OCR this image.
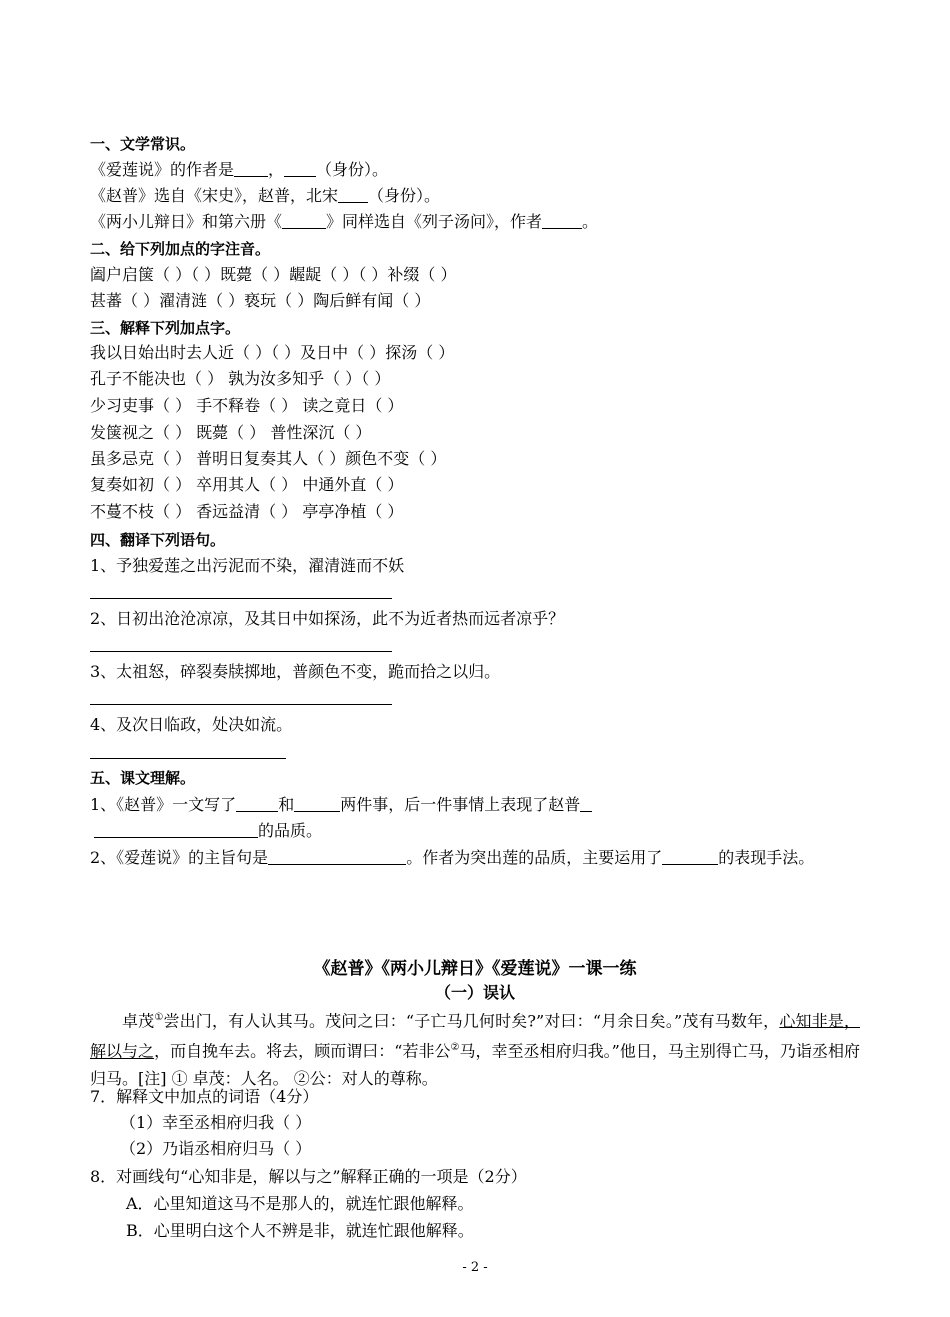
一、文学常识。
《爱莲说》的作者是 ， （身份）。
《赵普》选自《宋史》，赵普，北宋 （身份）。
《两小儿辩日》和第六册《	》同样选自《列子汤问》，作者	。
二、给下列加点的字注音。
阖户启箧（ ）（ ）既薨（ ）龌龊（ ）（ ）补缀（ ）
甚蕃（ ）濯清涟（ ）亵玩（ ）陶后鲜有闻（ ）
三、解释下列加点字。
我以日始出时去人近（ ）（ ）及日中（ ）探汤（ ）
孔子不能决也（ ） 孰为汝多知乎（ ）（ ）
少习吏事（ ） 手不释卷（ ） 读之竟日（ ）
发箧视之（ ） 既薨（ ） 普性深沉（ ）
虽多忌克（ ） 普明日复奏其人（ ）颜色不变（ ）
复奏如初（ ） 卒用其人（ ） 中通外直（ ）
不蔓不枝（ ） 香远益清（ ） 亭亭净植（ ）
四、翻译下列语句。
1、予独爱莲之出污泥而不染，濯清涟而不妖
2、日初出沧沧凉凉，及其日中如探汤，此不为近者热而远者凉乎？
3、太祖怒，碎裂奏牍掷地，普颜色不变，跪而拾之以归。
4、及次日临政，处决如流。
五、课文理解。
1、《赵普》一文写了	和	两件事，后一件事情上表现了赵普
的品质。
2、《爱莲说》的主旨句是	。作者为突出莲的品质，主要运用了	的表现手法。
《赵普》《两小儿辩日》《爱莲说》一课一练
（一）误认
卓茂①尝出门，有人认其马。茂问之曰：“子亡马几何时矣?”对曰：“月余日矣。”茂有马数年，心知非是，解以与之，而自挽车去。将去，顾而谓曰：“若非公②马，幸至丞相府归我。”他日，马主别得亡马，乃诣丞相府归马。[注] ① 卓茂：人名。 ②公：对人的尊称。
7．解释文中加点的词语（4分）
（1）幸至丞相府归我（ ）
（2）乃诣丞相府归马（ ）
8．对画线句“心知非是，解以与之”解释正确的一项是（2分）
A．心里知道这马不是那人的，就连忙跟他解释。
B．心里明白这个人不辨是非，就连忙跟他解释。
- 2 -
